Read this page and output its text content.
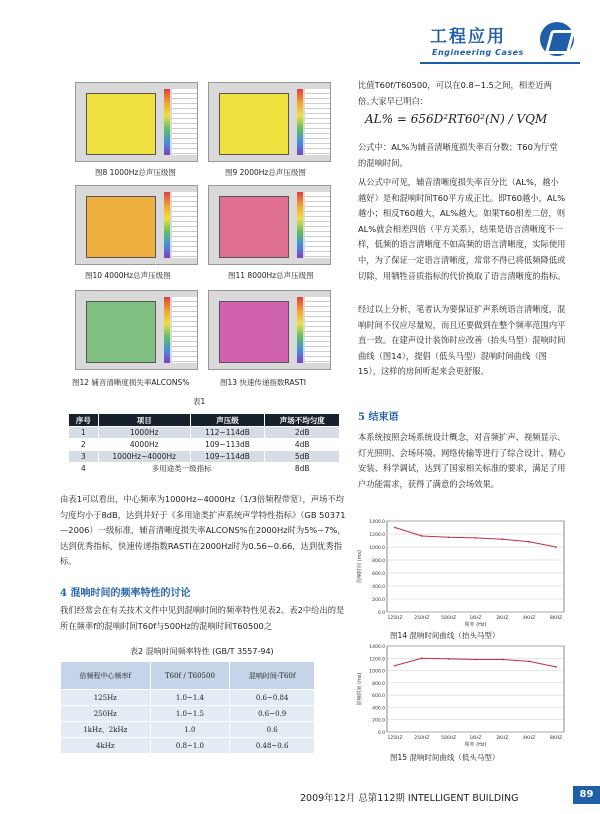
工程应用
Engineering Cases
图8 1000Hz总声压级图	图9 2000Hz总声压级图
图10 4000Hz总声压级图	图11 8000Hz总声压级图
图12 辅音清晰度损失率ALCONS%	图13 快速传递指数RASTI
表1
序号	项目	声压级	声场不均匀度
1	1000Hz	112~114dB	2dB
2	4000Hz	109~113dB	4dB
3	1000Hz~4000Hz	109~114dB	5dB
4	多用途类一级指标		8dB
由表1可以看出，中心频率为1000Hz~4000Hz（1/3倍频程带宽），声场不均匀度均小于8dB，达到并好于《多用途类扩声系统声学特性指标》（GB 50371—2006）一级标准，辅音清晰度损失率ALCONS%在2000Hz时为5%~7%，达到优秀指标，快速传递指数RASTI在2000Hz时为0.56~0.66，达到优秀指标。
4 混响时间的频率特性的讨论
我们经常会在有关技术文件中见到混响时间的频率特性见表2。表2中给出的是所在频率f的混响时间T60f与500Hz的混响时间T60500之
表2 混响时间频率特性 (GB/T 3557-94)
倍频程中心频率f	T60f / T60500	混响时间-T60f
125Hz	1.0~1.4	0.6~0.84
250Hz	1.0~1.5	0.6~0.9
1kHz、2kHz	1.0	0.6
4kHz	0.8~1.0	0.48~0.6
比值T60f/T60500，可以在0.8~1.5之间，相差近两倍。
大家早已明白：
AL% = 656D²RT60²(N) / VQM
公式中：AL%为辅音清晰度损失率百分数；T60为厅堂的混响时间。
从公式中可见，辅音清晰度损失率百分比（AL%，越小越好）是和混响时间T60平方成正比。即T60越小，AL%越小；相反T60越大，AL%越大。如果T60相差二倍，则AL%就会相差四倍（平方关系），结果是语言清晰度不一样，低频的语言清晰度不如高频的语言清晰度，实际使用中，为了保证一定语言清晰度，常常不得已将低频降低或切除，用牺牲音质指标的代价换取了语言清晰度的指标。
经过以上分析，笔者认为要保证扩声系统语言清晰度，混响时间不仅应尽量短，而且还要做到在整个频率范围内平直一致。在建声设计装饰时应改善（抬头马型）混响时间曲线（图14），提倡（低头马型）混响时间曲线（图15），这样的房间听起来会更舒服。
5 结束语
本系统按照会场系统设计概念，对音频扩声、视频显示、灯光照明、会场环境、网络传输等进行了综合设计、精心安装、科学调试，达到了国家相关标准的要求，满足了用户功能需求，获得了满意的会场效果。
1400.0
1200.0
1000.0
800.0
600.0
400.0
200.0
0.0
125HZ	250HZ	500HZ	1KHZ	2KHZ	4KHZ	8KHZ
频率 (Hz)
混响时间 (ms)
图14 混响时间曲线（抬头马型）
1400.0
1200.0
1000.0
800.0
600.0
400.0
200.0
0.0
125HZ	250HZ	500HZ	1KHZ	2KHZ	4KHZ	8KHZ
频率 (Hz)
混响时间 (ms)
图15 混响时间曲线（低头马型）
2009年12月 总第112期 INTELLIGENT BUILDING	89
